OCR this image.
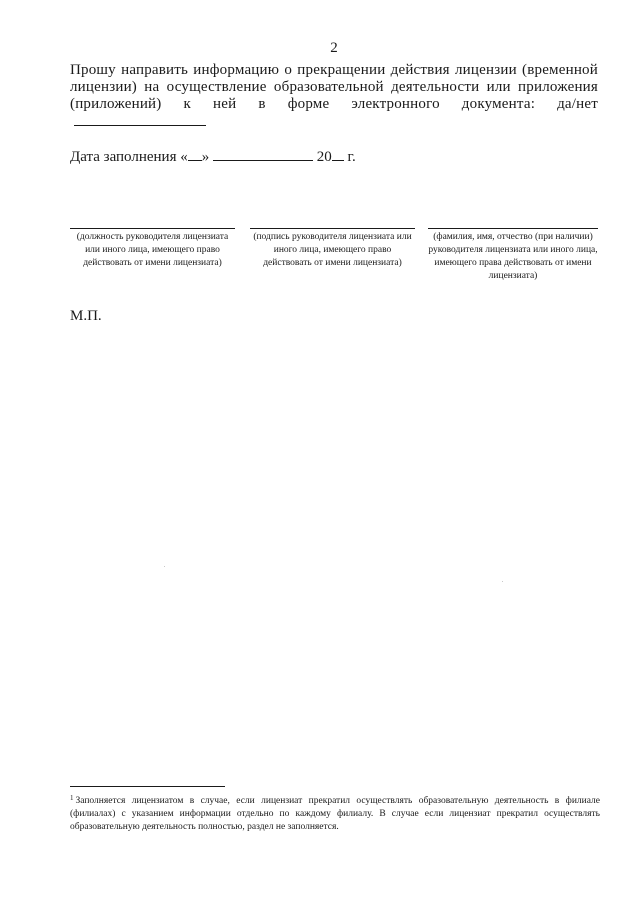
2
Прошу направить информацию о прекращении действия лицензии (временной лицензии) на осуществление образовательной деятельности или приложения (приложений) к ней в форме электронного документа: да/нет
Дата заполнения « »	20 г.
(должность руководителя лицензиата или иного лица, имеющего право действовать от имени лицензиата)
(подпись руководителя лицензиата или иного лица, имеющего право действовать от имени лицензиата)
(фамилия, имя, отчество (при наличии) руководителя лицензиата или иного лица, имеющего права действовать от имени лицензиата)
М.П.
$^1$ Заполняется лицензиатом в случае, если лицензиат прекратил осуществлять образовательную деятельность в филиале (филиалах) с указанием информации отдельно по каждому филиалу. В случае если лицензиат прекратил осуществлять образовательную деятельность полностью, раздел не заполняется.
